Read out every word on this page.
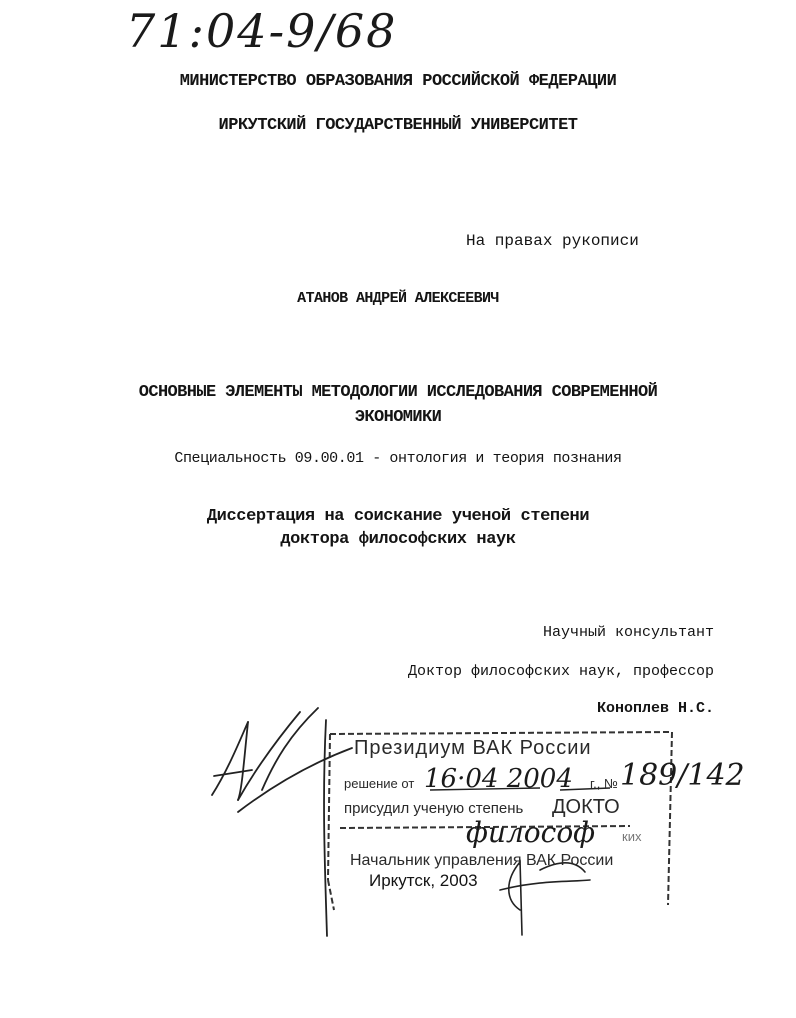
71:04-9/68
МИНИСТЕРСТВО ОБРАЗОВАНИЯ РОССИЙСКОЙ ФЕДЕРАЦИИ
ИРКУТСКИЙ ГОСУДАРСТВЕННЫЙ УНИВЕРСИТЕТ
На правах рукописи
АТАНОВ АНДРЕЙ АЛЕКСЕЕВИЧ
ОСНОВНЫЕ ЭЛЕМЕНТЫ МЕТОДОЛОГИИ ИССЛЕДОВАНИЯ СОВРЕМЕННОЙ
ЭКОНОМИКИ
Специальность 09.00.01 - онтология и теория познания
Диссертация на соискание ученой степени
доктора философских наук
Научный консультант
Доктор философских наук, профессор
Коноплев Н.С.
Президиум ВАК России
решение от 16·04 2004 г., № 189/142
присудил ученую степень ДОКТО
философ ких
Начальник управления ВАК России
Иркутск, 2003
